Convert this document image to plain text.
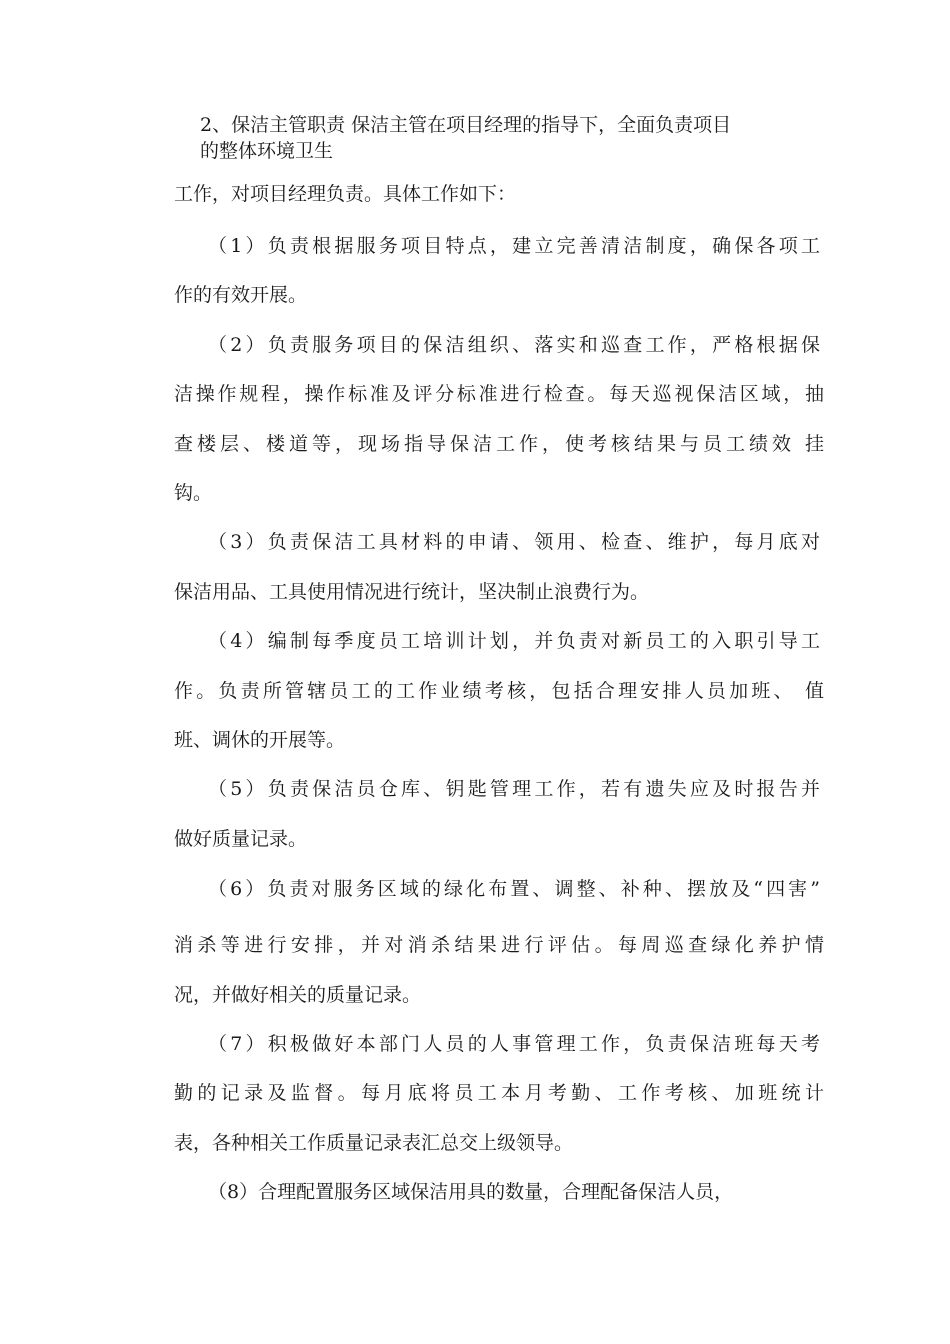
2、保洁主管职责 保洁主管在项目经理的指导下，全面负责项目
的整体环境卫生
工作，对项目经理负责。具体工作如下：
（1）负责根据服务项目特点，建立完善清洁制度，确保各项工
作的有效开展。
（2）负责服务项目的保洁组织、落实和巡查工作，严格根据保
洁操作规程，操作标准及评分标准进行检查。每天巡视保洁区域，抽
查楼层、楼道等，现场指导保洁工作，使考核结果与员工绩效 挂
钩。
（3）负责保洁工具材料的申请、领用、检查、维护，每月底对
保洁用品、工具使用情况进行统计，坚决制止浪费行为。
（4）编制每季度员工培训计划，并负责对新员工的入职引导工
作。负责所管辖员工的工作业绩考核，包括合理安排人员加班、 值
班、调休的开展等。
（5）负责保洁员仓库、钥匙管理工作，若有遗失应及时报告并
做好质量记录。
（6）负责对服务区域的绿化布置、调整、补种、摆放及“四害”
消杀等进行安排，并对消杀结果进行评估。每周巡查绿化养护情
况，并做好相关的质量记录。
（7）积极做好本部门人员的人事管理工作，负责保洁班每天考
勤的记录及监督。每月底将员工本月考勤、工作考核、加班统计
表，各种相关工作质量记录表汇总交上级领导。
（8）合理配置服务区域保洁用具的数量，合理配备保洁人员，
